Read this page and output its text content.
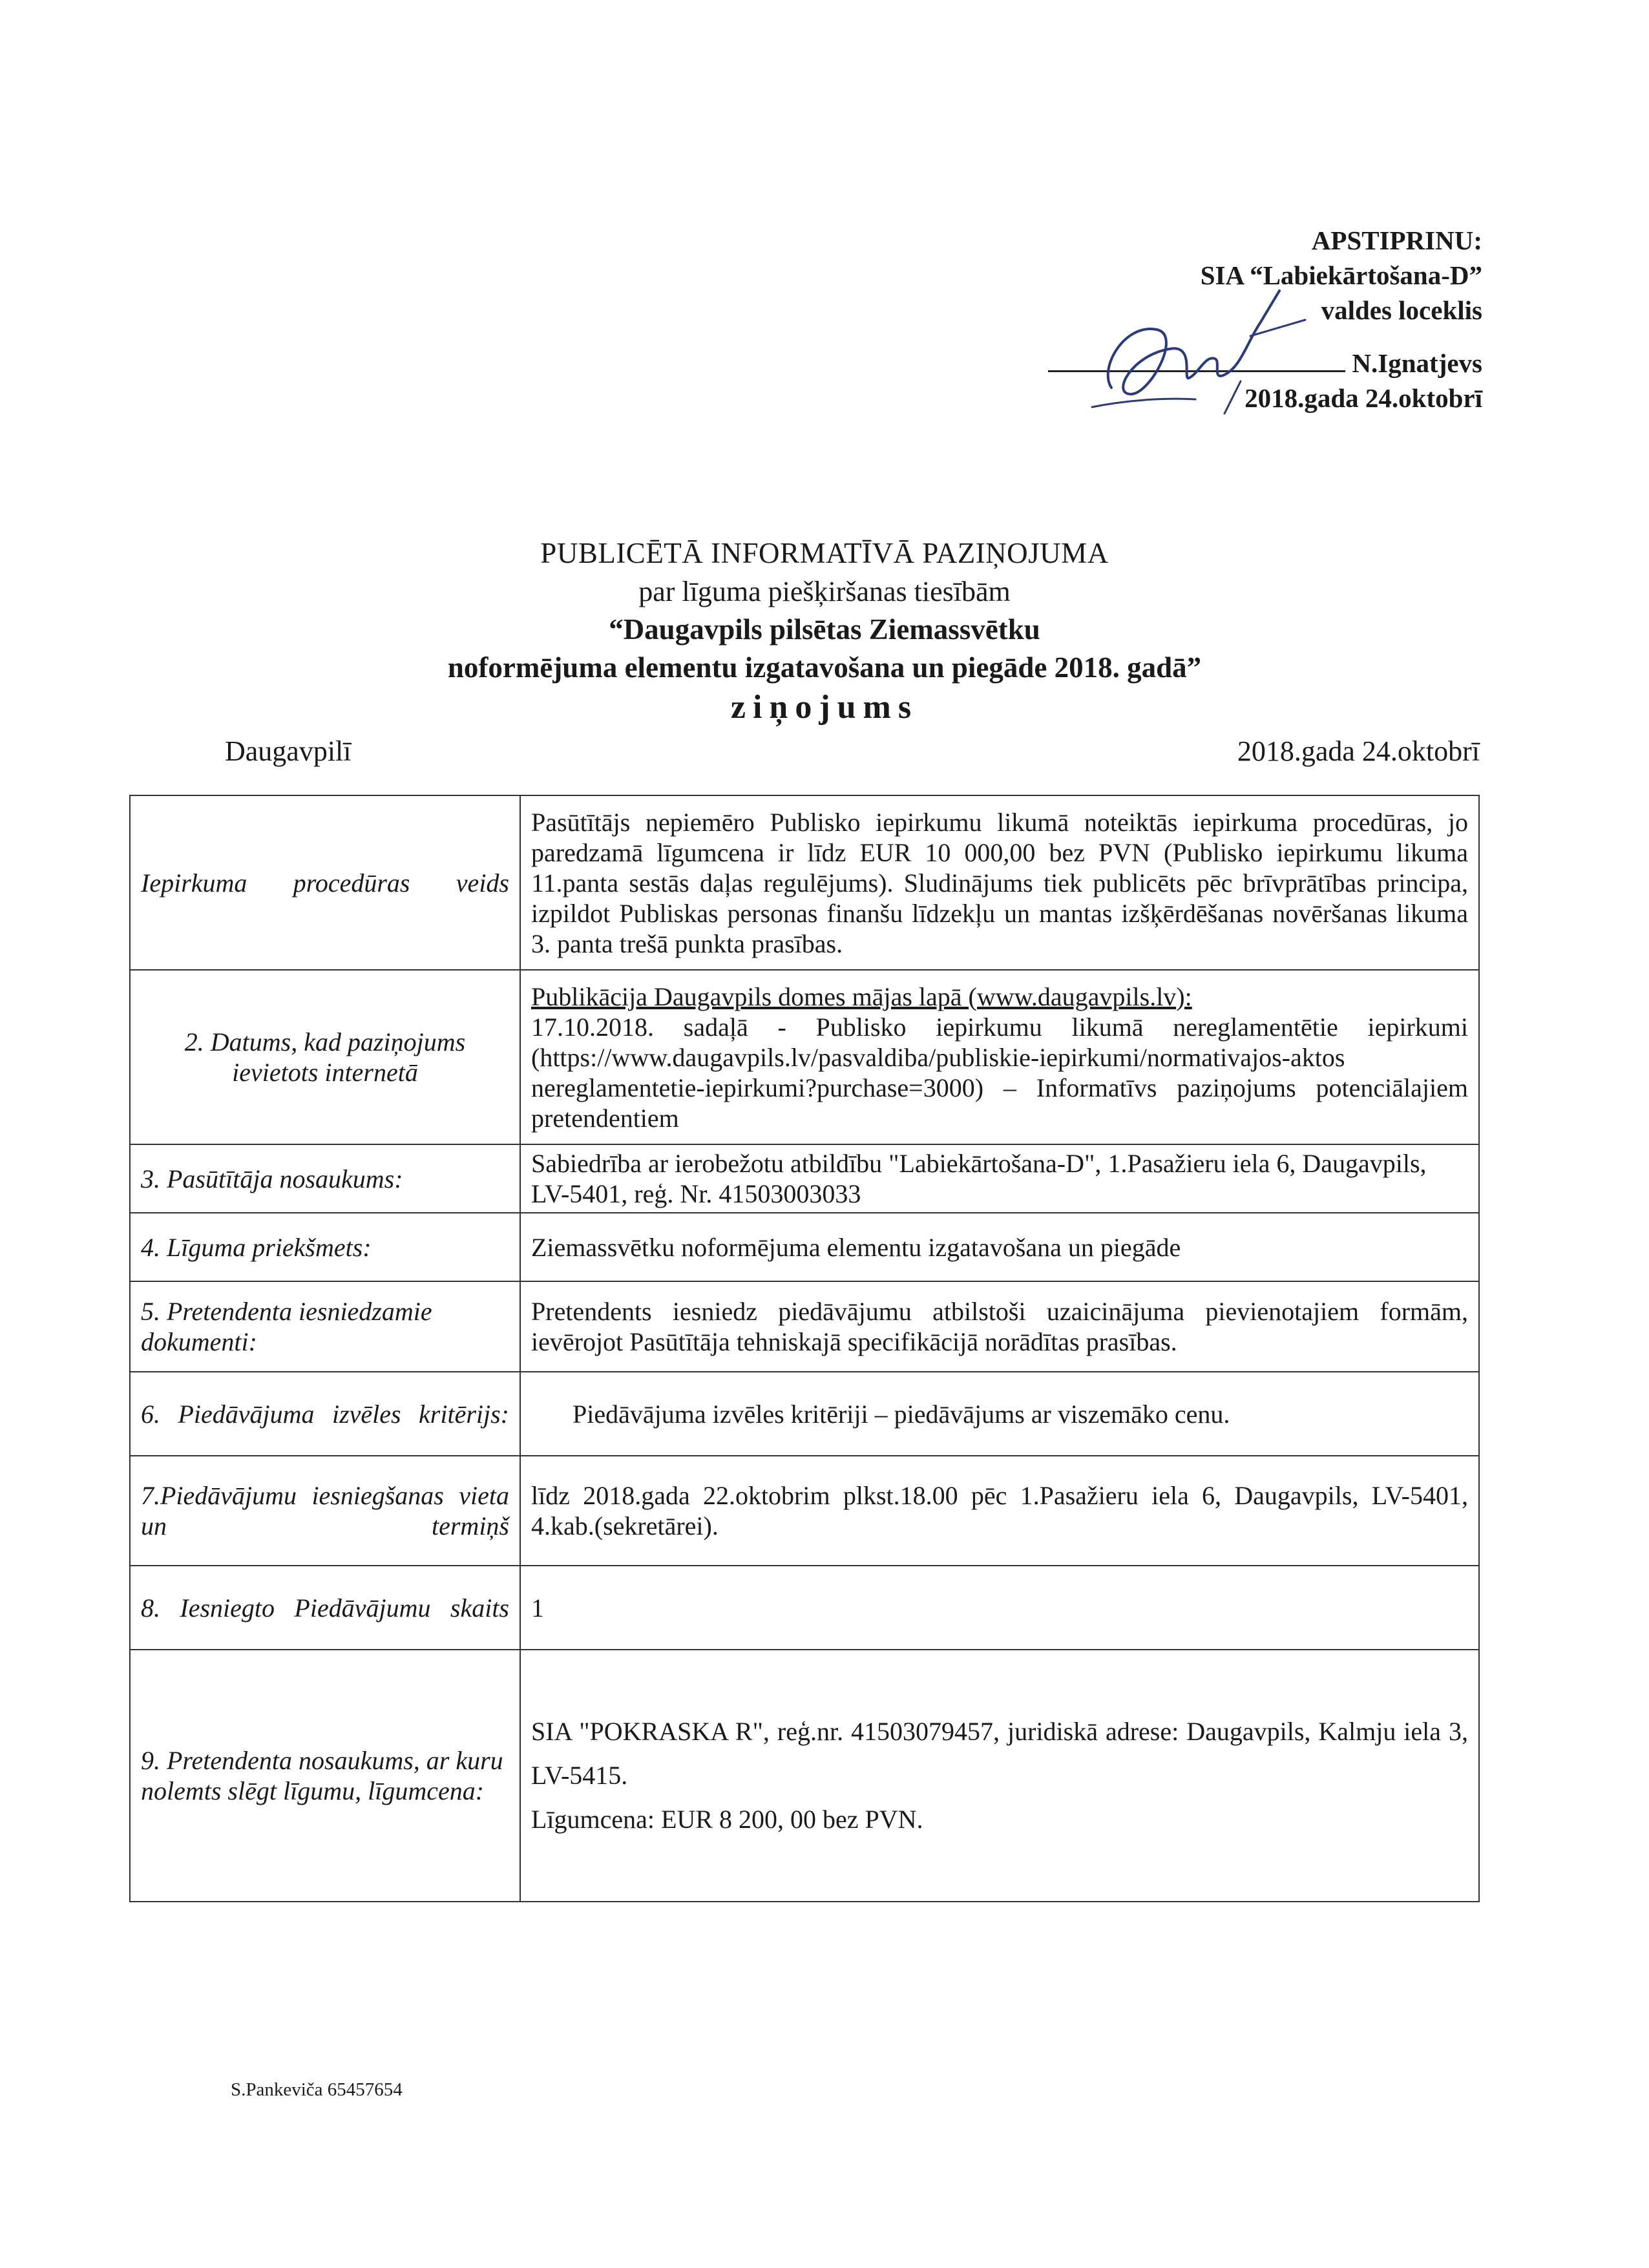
APSTIPRINU:
SIA “Labiekārtošana-D”
valdes loceklis
N.Ignatjevs
2018.gada 24.oktobrī
PUBLICĒTĀ INFORMATĪVĀ PAZIŅOJUMA
par līguma piešķiršanas tiesībām
“Daugavpils pilsētas Ziemassvētku
noformējuma elementu izgatavošana un piegāde 2018. gadā”
ziņojums
Daugavpilī	2018.gada 24.oktobrī
Iepirkuma procedūras veids	Pasūtītājs nepiemēro Publisko iepirkumu likumā noteiktās iepirkuma procedūras, jo paredzamā līgumcena ir līdz EUR 10 000,00 bez PVN (Publisko iepirkumu likuma 11.panta sestās daļas regulējums). Sludinājums tiek publicēts pēc brīvprātības principa, izpildot Publiskas personas finanšu līdzekļu un mantas izšķērdēšanas novēršanas likuma 3. panta trešā punkta prasības.
2. Datums, kad paziņojums ievietots internetā	Publikācija Daugavpils domes mājas lapā (www.daugavpils.lv):
17.10.2018. sadaļā - Publisko iepirkumu likumā nereglamentētie iepirkumi (https://www.daugavpils.lv/pasvaldiba/publiskie-iepirkumi/normativajos-aktos nereglamentetie-iepirkumi?purchase=3000) – Informatīvs paziņojums potenciālajiem pretendentiem
3. Pasūtītāja nosaukums:	Sabiedrība ar ierobežotu atbildību "Labiekārtošana-D", 1.Pasažieru iela 6, Daugavpils, LV-5401, reģ. Nr. 41503003033
4. Līguma priekšmets:	Ziemassvētku noformējuma elementu izgatavošana un piegāde
5. Pretendenta iesniedzamie dokumenti:	Pretendents iesniedz piedāvājumu atbilstoši uzaicinājuma pievienotajiem formām, ievērojot Pasūtītāja tehniskajā specifikācijā norādītas prasības.
6. Piedāvājuma izvēles kritērijs:	Piedāvājuma izvēles kritēriji – piedāvājums ar viszemāko cenu.
7.Piedāvājumu iesniegšanas vieta un termiņš	līdz 2018.gada 22.oktobrim plkst.18.00 pēc 1.Pasažieru iela 6, Daugavpils, LV-5401, 4.kab.(sekretārei).
8. Iesniegto Piedāvājumu skaits	1
9. Pretendenta nosaukums, ar kuru nolemts slēgt līgumu, līgumcena:	SIA "POKRASKA R", reģ.nr. 41503079457, juridiskā adrese: Daugavpils, Kalmju iela 3, LV-5415.
Līgumcena: EUR 8 200, 00 bez PVN.
S.Pankeviča 65457654
